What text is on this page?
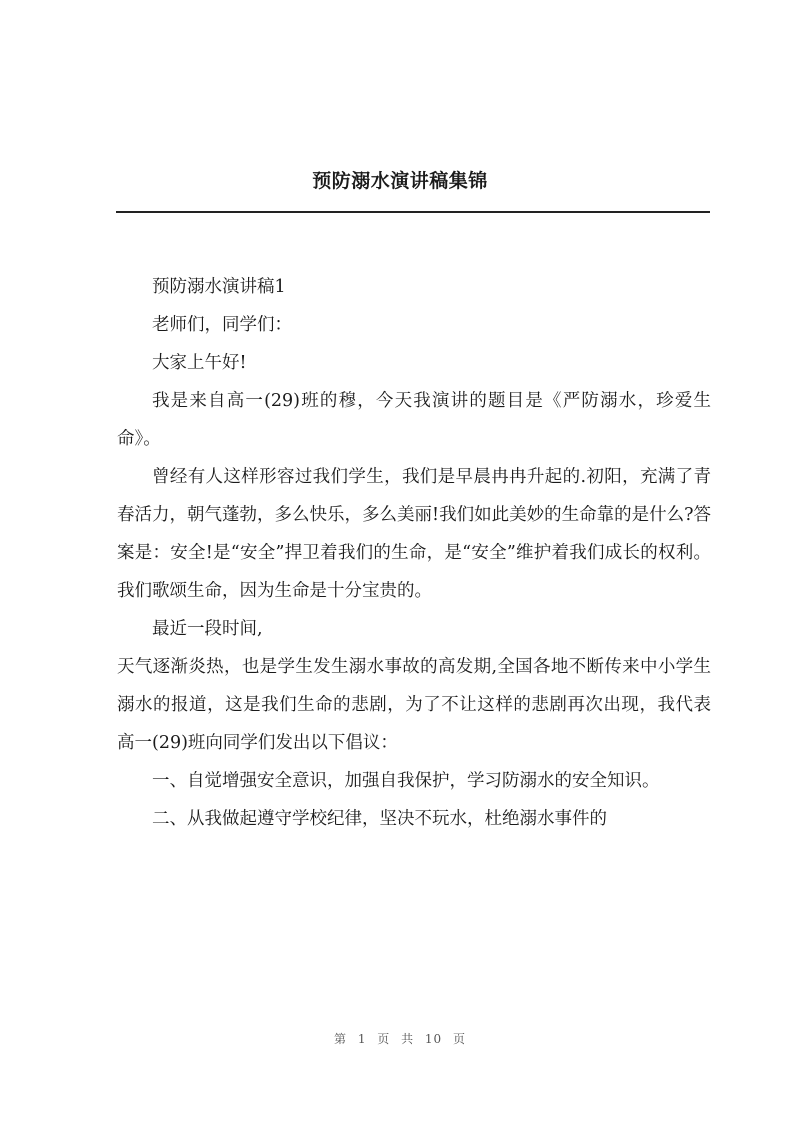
预防溺水演讲稿集锦

预防溺水演讲稿1

老师们，同学们：

大家上午好!

我是来自高一(29)班的穆，今天我演讲的题目是《严防溺水，珍爱生命》。

曾经有人这样形容过我们学生，我们是早晨冉冉升起的.初阳，充满了青春活力，朝气蓬勃，多么快乐，多么美丽!我们如此美妙的生命靠的是什么?答案是：安全!是“安全”捍卫着我们的生命，是“安全”维护着我们成长的权利。我们歌颂生命，因为生命是十分宝贵的。

最近一段时间,

天气逐渐炎热，也是学生发生溺水事故的高发期,全国各地不断传来中小学生溺水的报道，这是我们生命的悲剧，为了不让这样的悲剧再次出现，我代表高一(29)班向同学们发出以下倡议：

一、自觉增强安全意识，加强自我保护，学习防溺水的安全知识。

二、从我做起遵守学校纪律，坚决不玩水，杜绝溺水事件的

第 1 页 共 10 页
